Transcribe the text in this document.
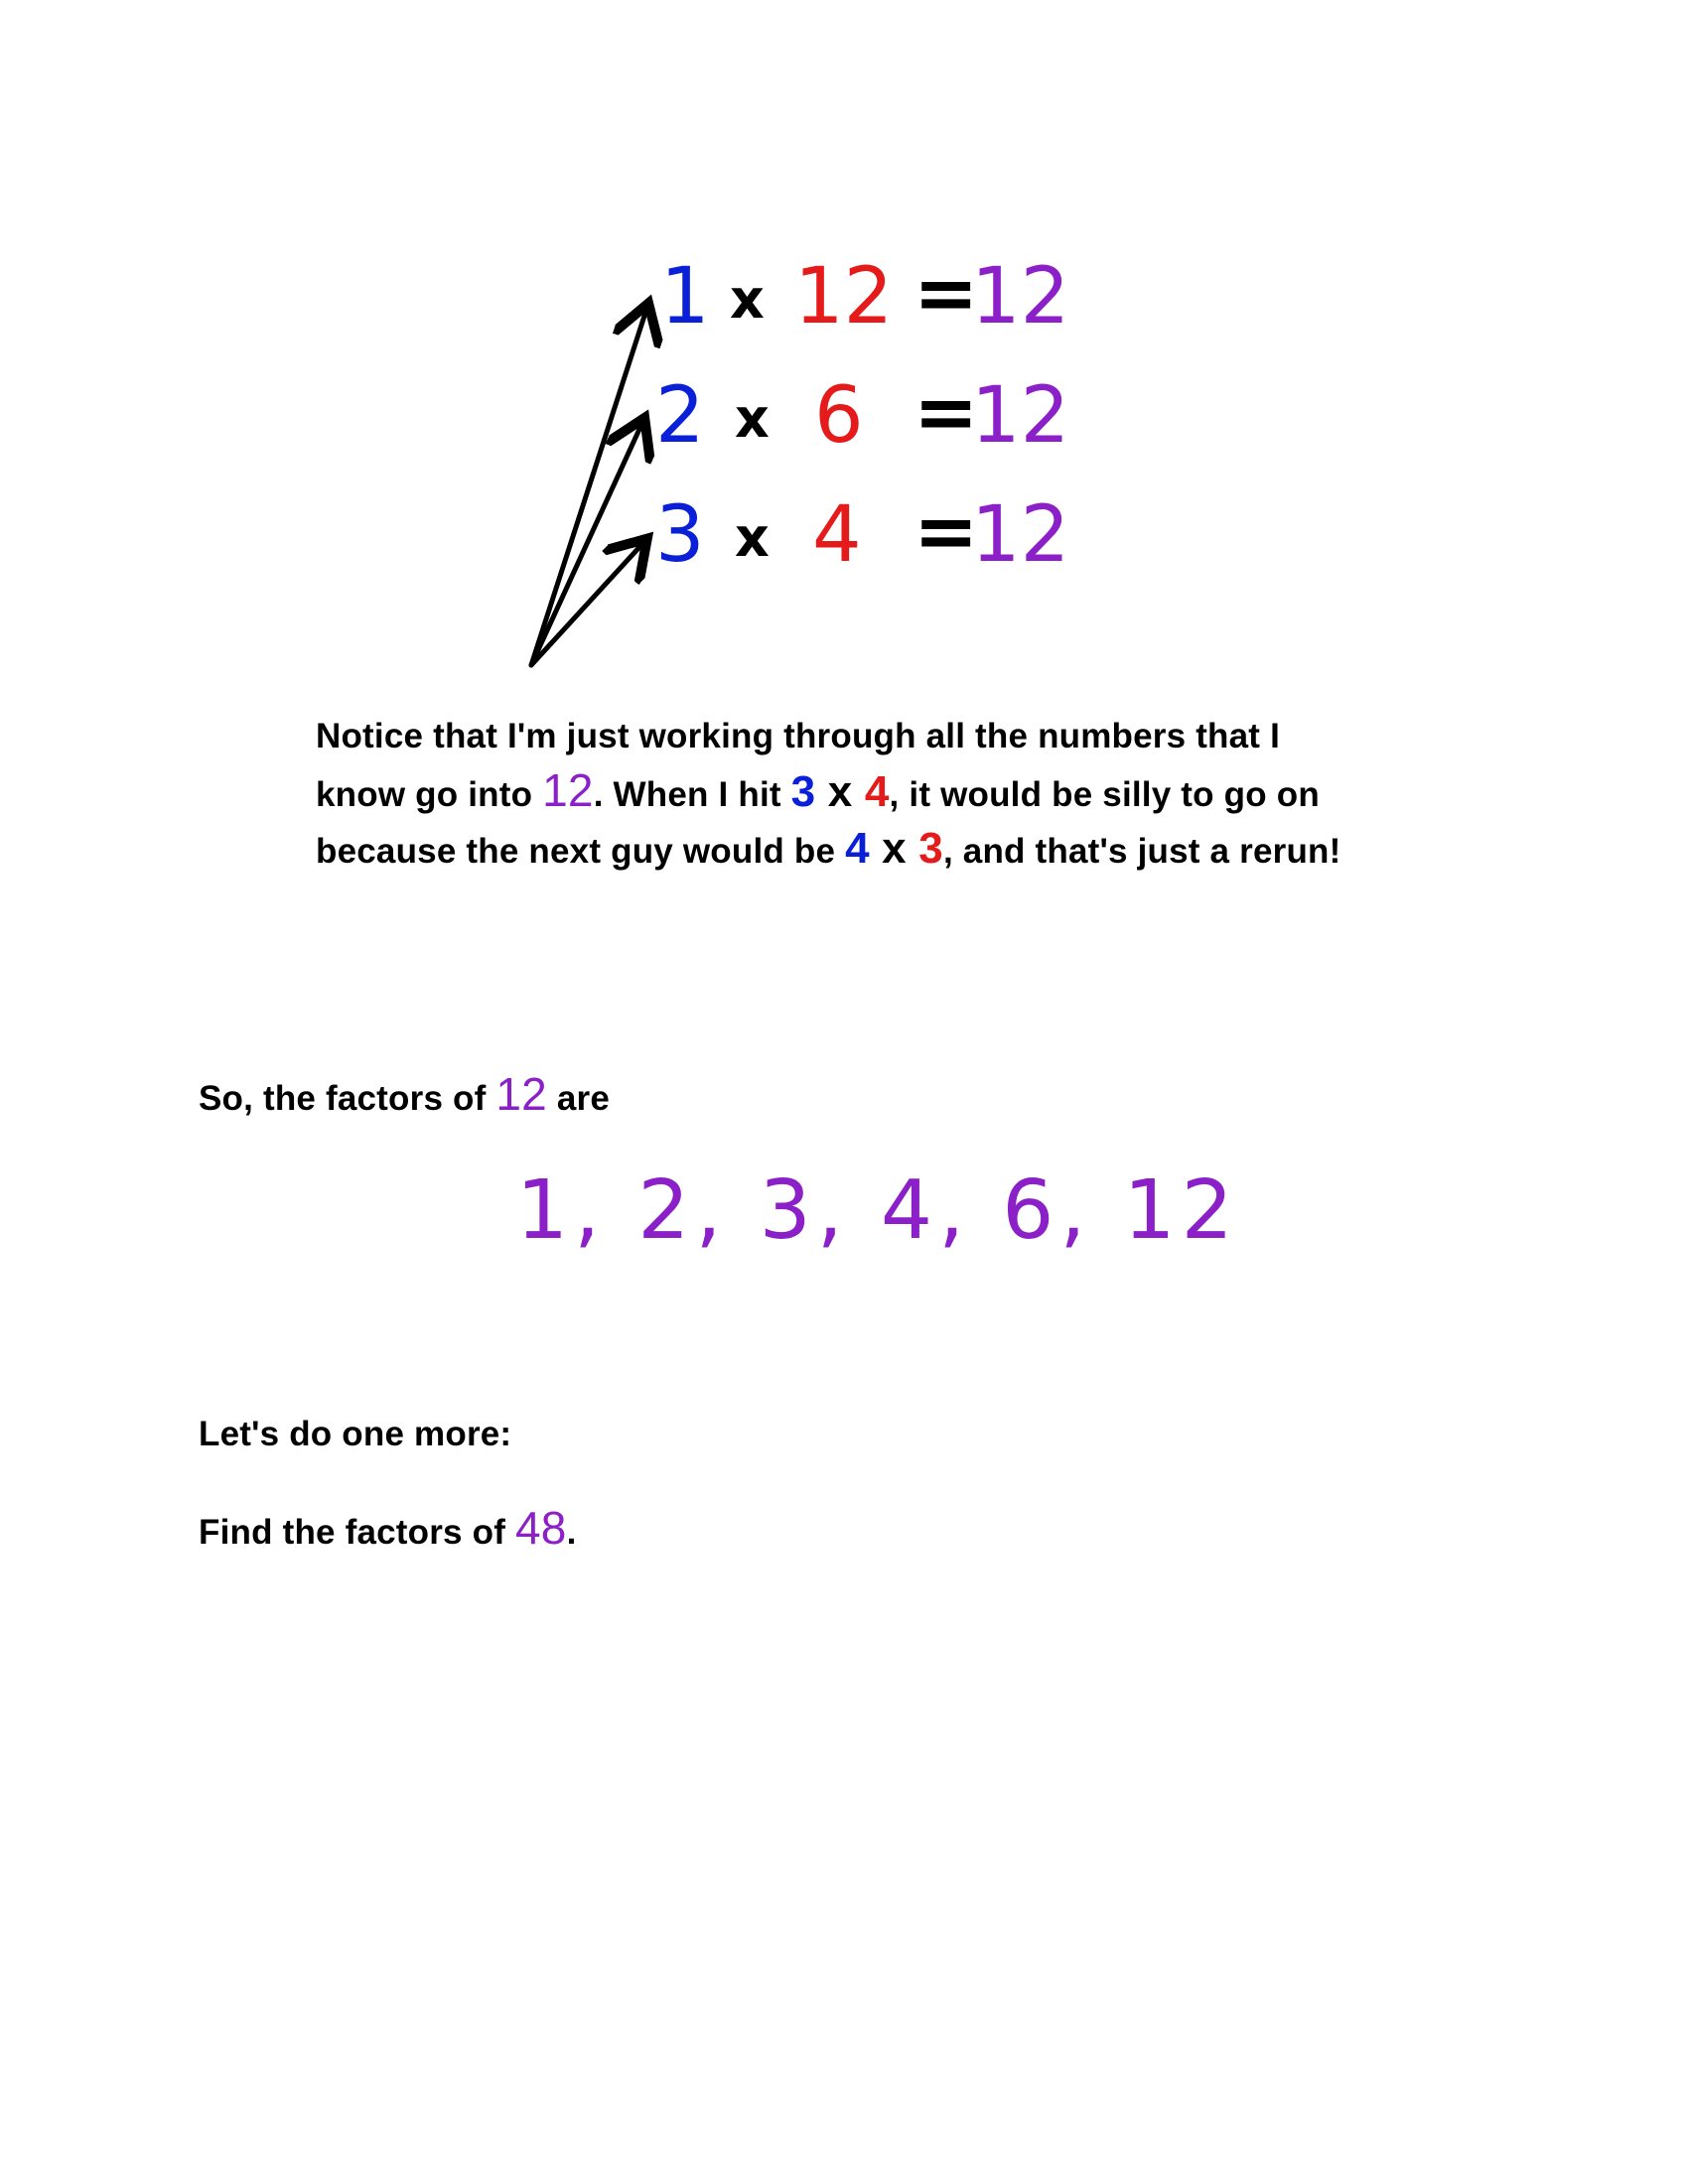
1 x 12 =
12
2 x 6 =
12
3 x 4 =
12
Notice that I'm just working through all the numbers that I know go into 12. When I hit 3 x 4, it would be silly to go on because the next guy would be 4 x 3, and that's just a rerun!
So, the factors of 12 are
1, 2, 3, 4, 6, 12
Let's do one more:
Find the factors of 48.
